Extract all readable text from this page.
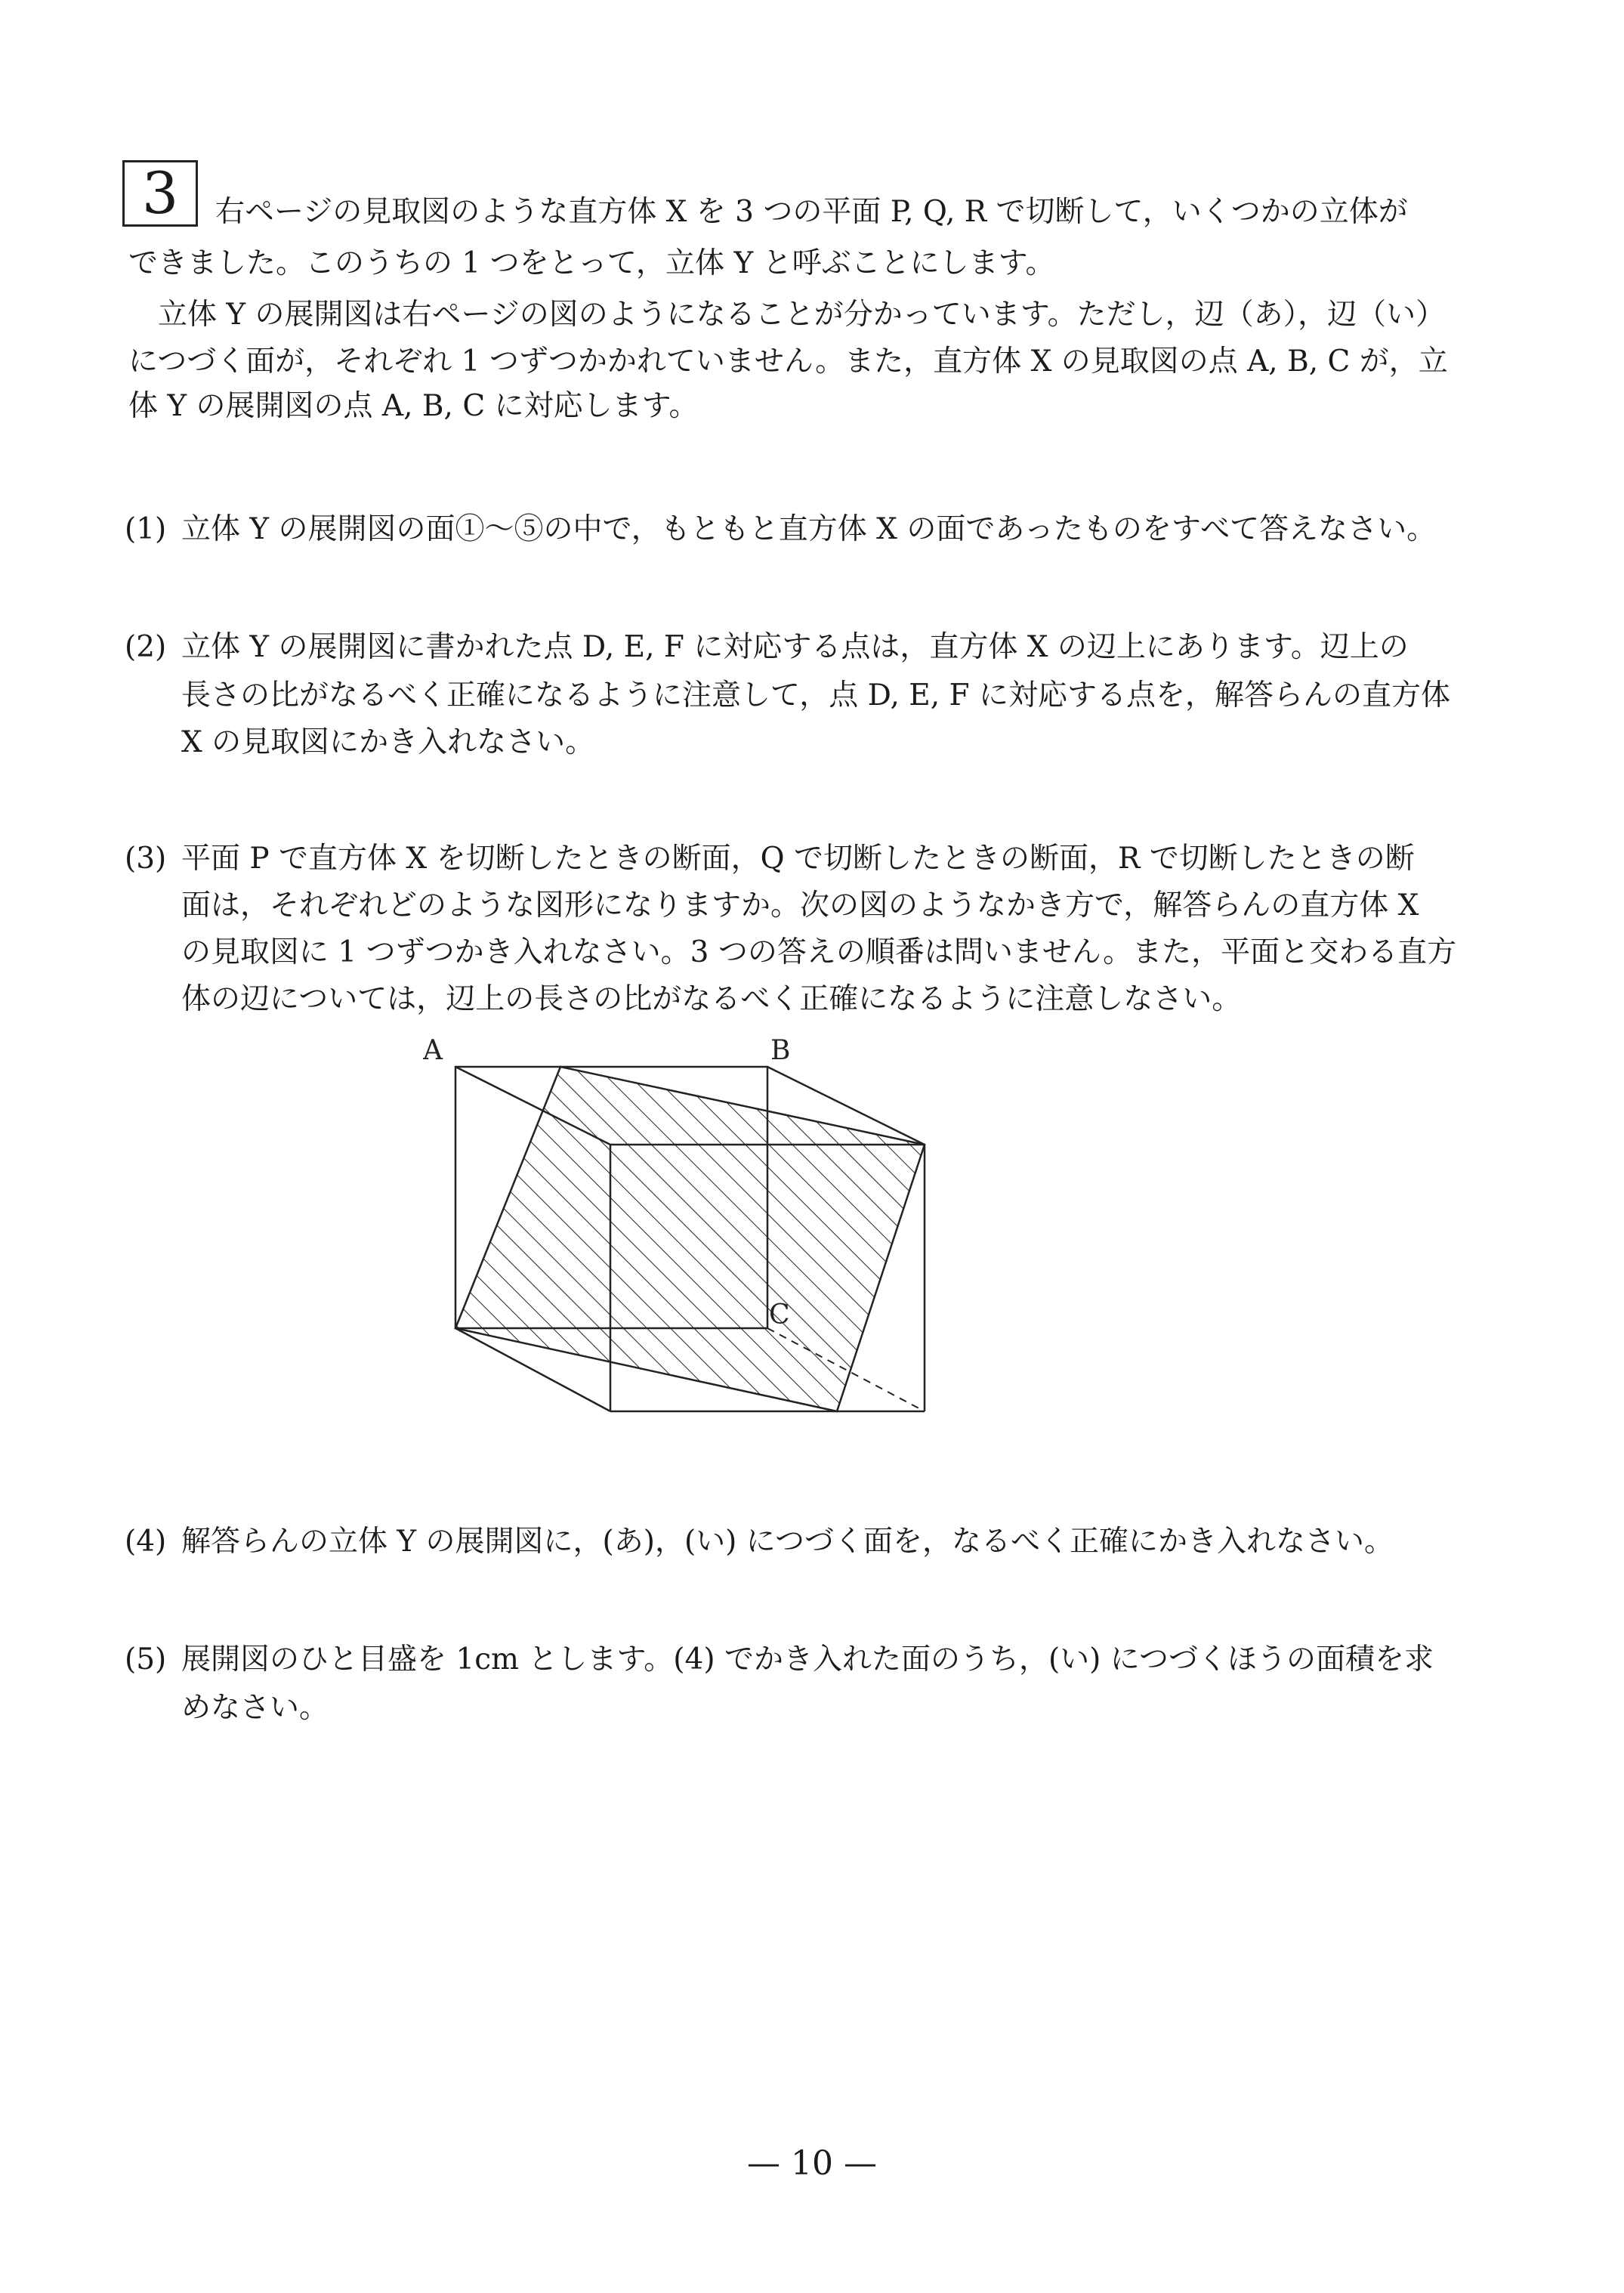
3	右ページの見取図のような直方体 X を 3 つの平面 P, Q, R で切断して，いくつかの立体が
できました。このうちの 1 つをとって，立体 Y と呼ぶことにします。
　立体 Y の展開図は右ページの図のようになることが分かっています。ただし，辺（あ），辺（い）
につづく面が，それぞれ 1 つずつかかれていません。また，直方体 X の見取図の点 A, B, C が，立
体 Y の展開図の点 A, B, C に対応します。
(1) 立体 Y の展開図の面①～⑤の中で，もともと直方体 X の面であったものをすべて答えなさい。
(2) 立体 Y の展開図に書かれた点 D, E, F に対応する点は，直方体 X の辺上にあります。辺上の
長さの比がなるべく正確になるように注意して，点 D, E, F に対応する点を，解答らんの直方体
X の見取図にかき入れなさい。
(3) 平面 P で直方体 X を切断したときの断面，Q で切断したときの断面，R で切断したときの断
面は，それぞれどのような図形になりますか。次の図のようなかき方で，解答らんの直方体 X
の見取図に 1 つずつかき入れなさい。3 つの答えの順番は問いません。また，平面と交わる直方
体の辺については，辺上の長さの比がなるべく正確になるように注意しなさい。
A	B
C
(4) 解答らんの立体 Y の展開図に，(あ)，(い) につづく面を，なるべく正確にかき入れなさい。
(5) 展開図のひと目盛を 1cm とします。(4) でかき入れた面のうち，(い) につづくほうの面積を求
めなさい。
— 10 —
